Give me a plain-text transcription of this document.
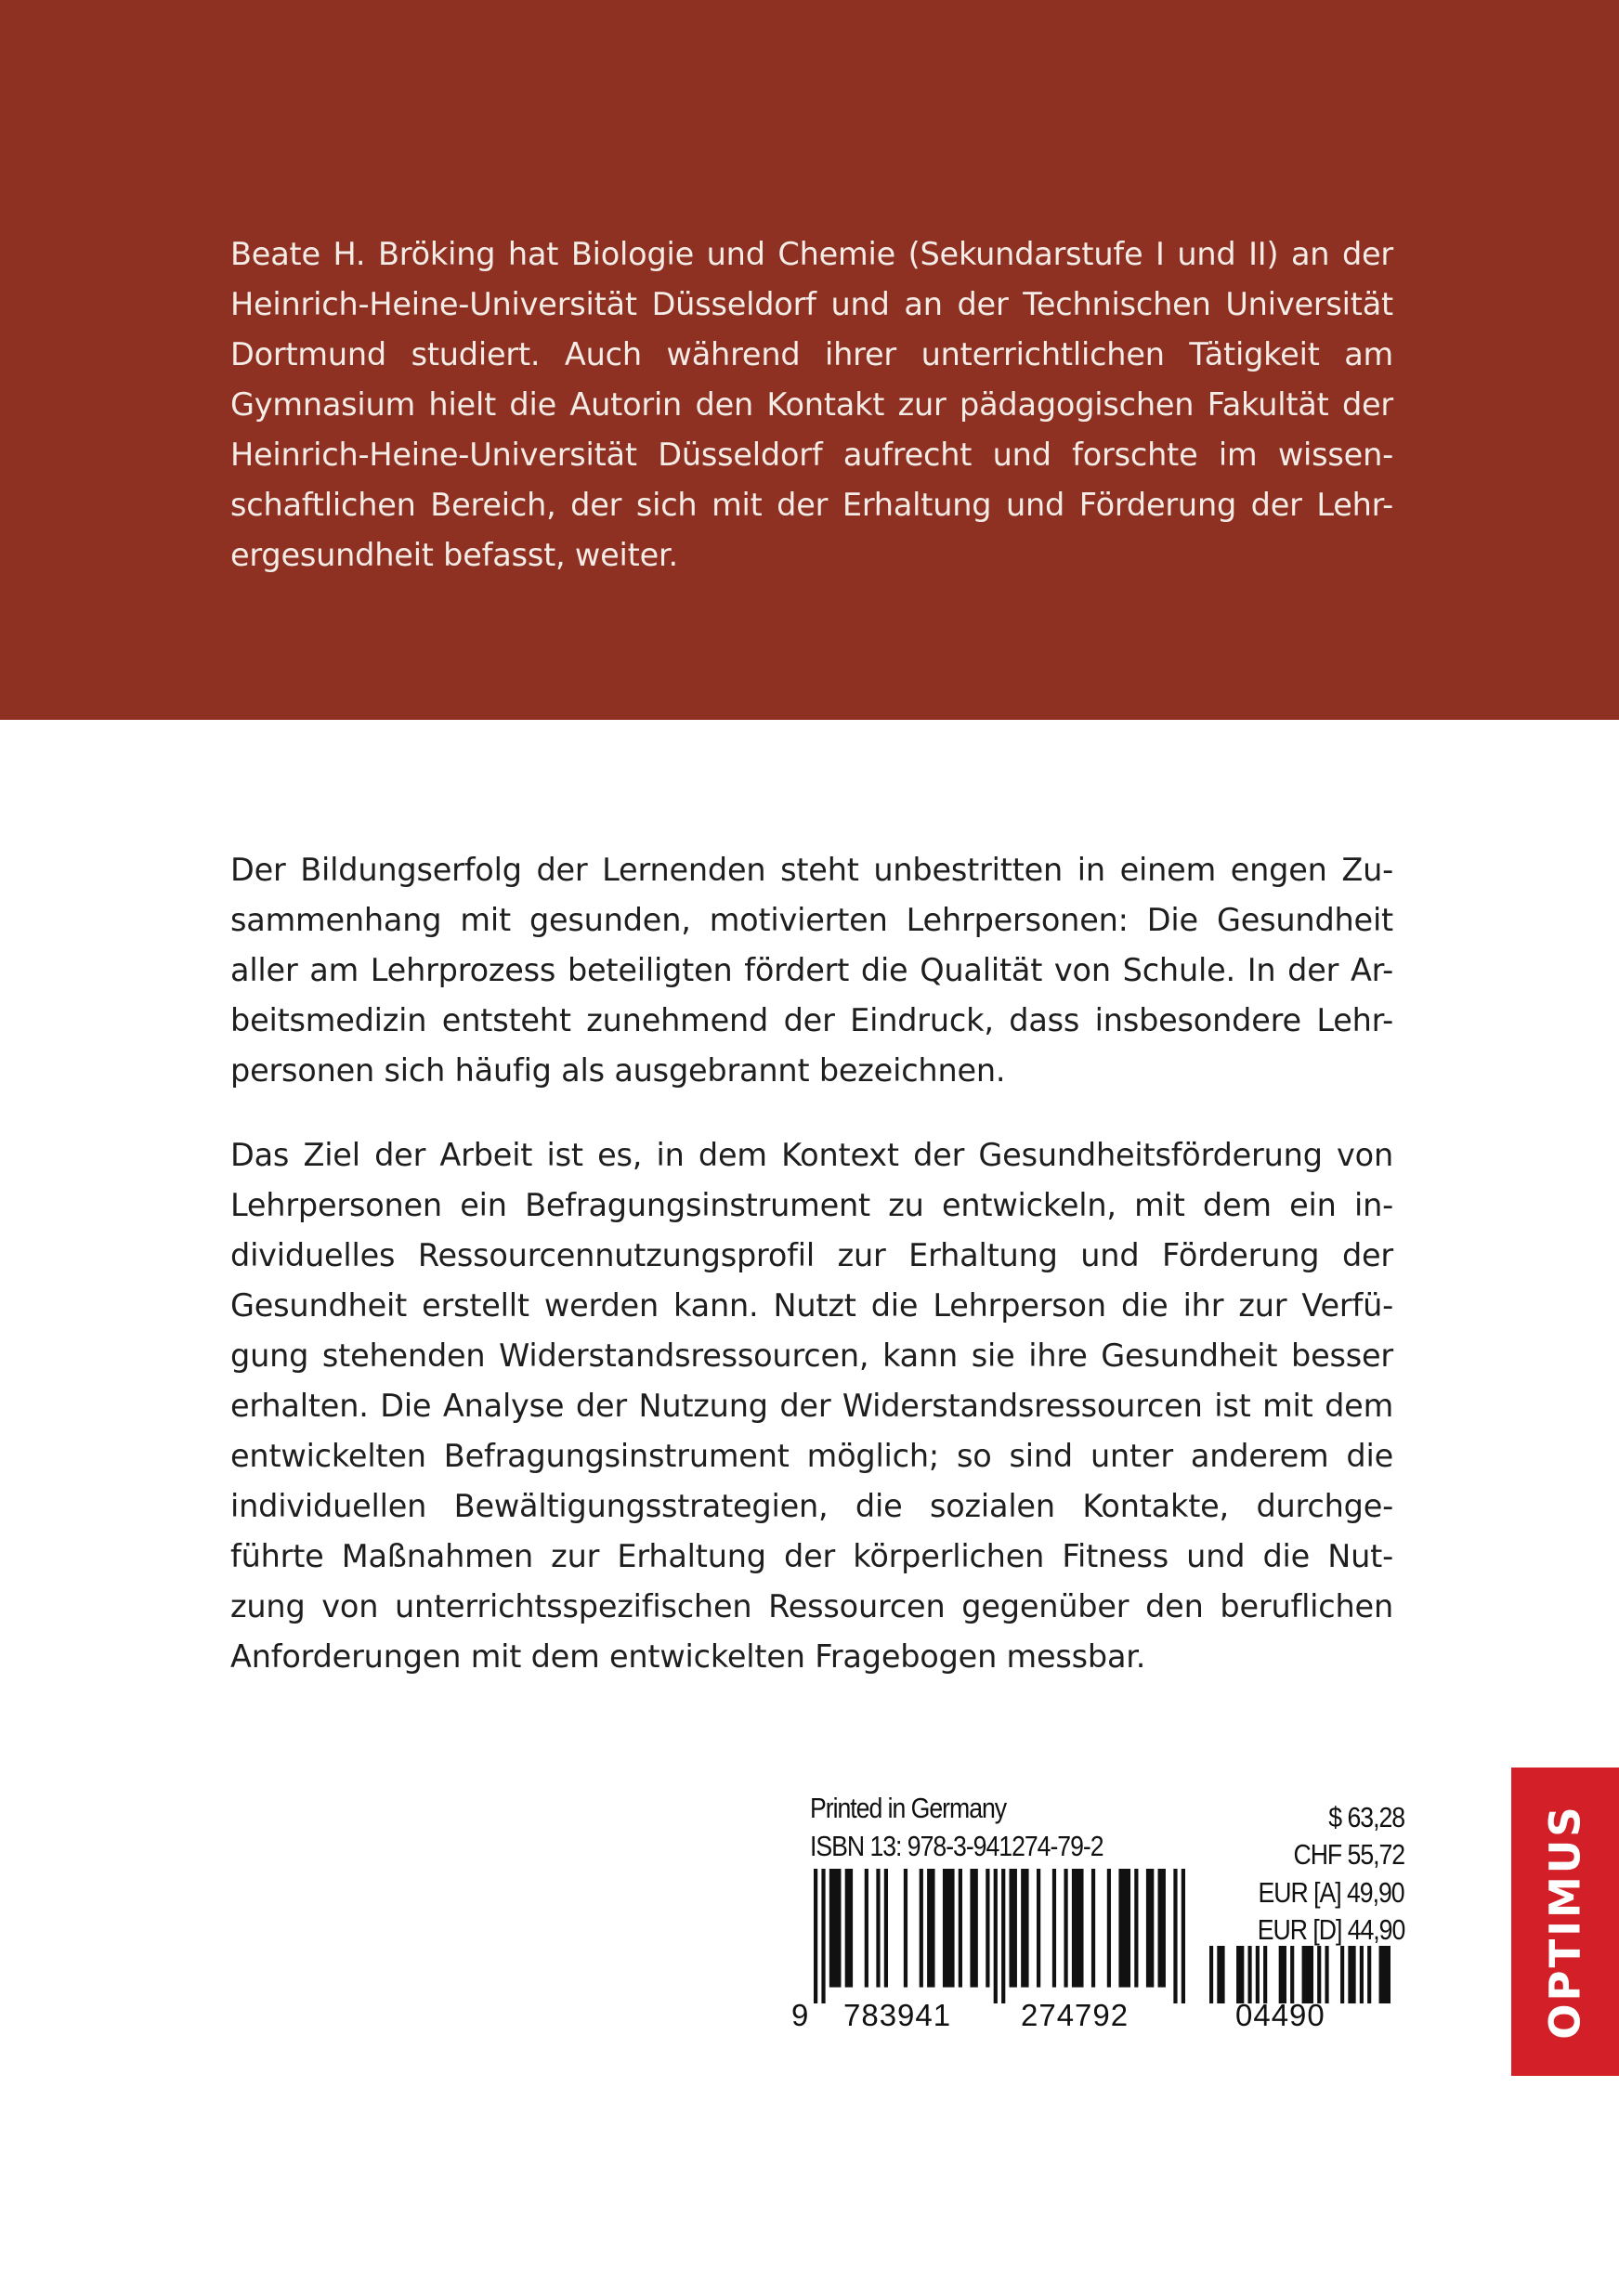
Beate H. Bröking hat Biologie und Chemie (Sekundarstufe I und II) an der
Heinrich-Heine-Universität Düsseldorf und an der Technischen Universität
Dortmund studiert. Auch während ihrer unterrichtlichen Tätigkeit am
Gymnasium hielt die Autorin den Kontakt zur pädagogischen Fakultät der
Heinrich-Heine-Universität Düsseldorf aufrecht und forschte im wissen-
schaftlichen Bereich, der sich mit der Erhaltung und Förderung der Lehr-
ergesundheit befasst, weiter.

Der Bildungserfolg der Lernenden steht unbestritten in einem engen Zu-
sammenhang mit gesunden, motivierten Lehrpersonen: Die Gesundheit
aller am Lehrprozess beteiligten fördert die Qualität von Schule. In der Ar-
beitsmedizin entsteht zunehmend der Eindruck, dass insbesondere Lehr-
personen sich häufig als ausgebrannt bezeichnen.

Das Ziel der Arbeit ist es, in dem Kontext der Gesundheitsförderung von
Lehrpersonen ein Befragungsinstrument zu entwickeln, mit dem ein in-
dividuelles Ressourcennutzungsprofil zur Erhaltung und Förderung der
Gesundheit erstellt werden kann. Nutzt die Lehrperson die ihr zur Verfü-
gung stehenden Widerstandsressourcen, kann sie ihre Gesundheit besser
erhalten. Die Analyse der Nutzung der Widerstandsressourcen ist mit dem
entwickelten Befragungsinstrument möglich; so sind unter anderem die
individuellen Bewältigungsstrategien, die sozialen Kontakte, durchge-
führte Maßnahmen zur Erhaltung der körperlichen Fitness und die Nut-
zung von unterrichtsspezifischen Ressourcen gegenüber den beruflichen
Anforderungen mit dem entwickelten Fragebogen messbar.

Printed in Germany
ISBN 13: 978-3-941274-79-2
9 783941 274792	04490
$ 63,28
CHF 55,72
EUR [A] 49,90
EUR [D] 44,90	OPTIMUS
